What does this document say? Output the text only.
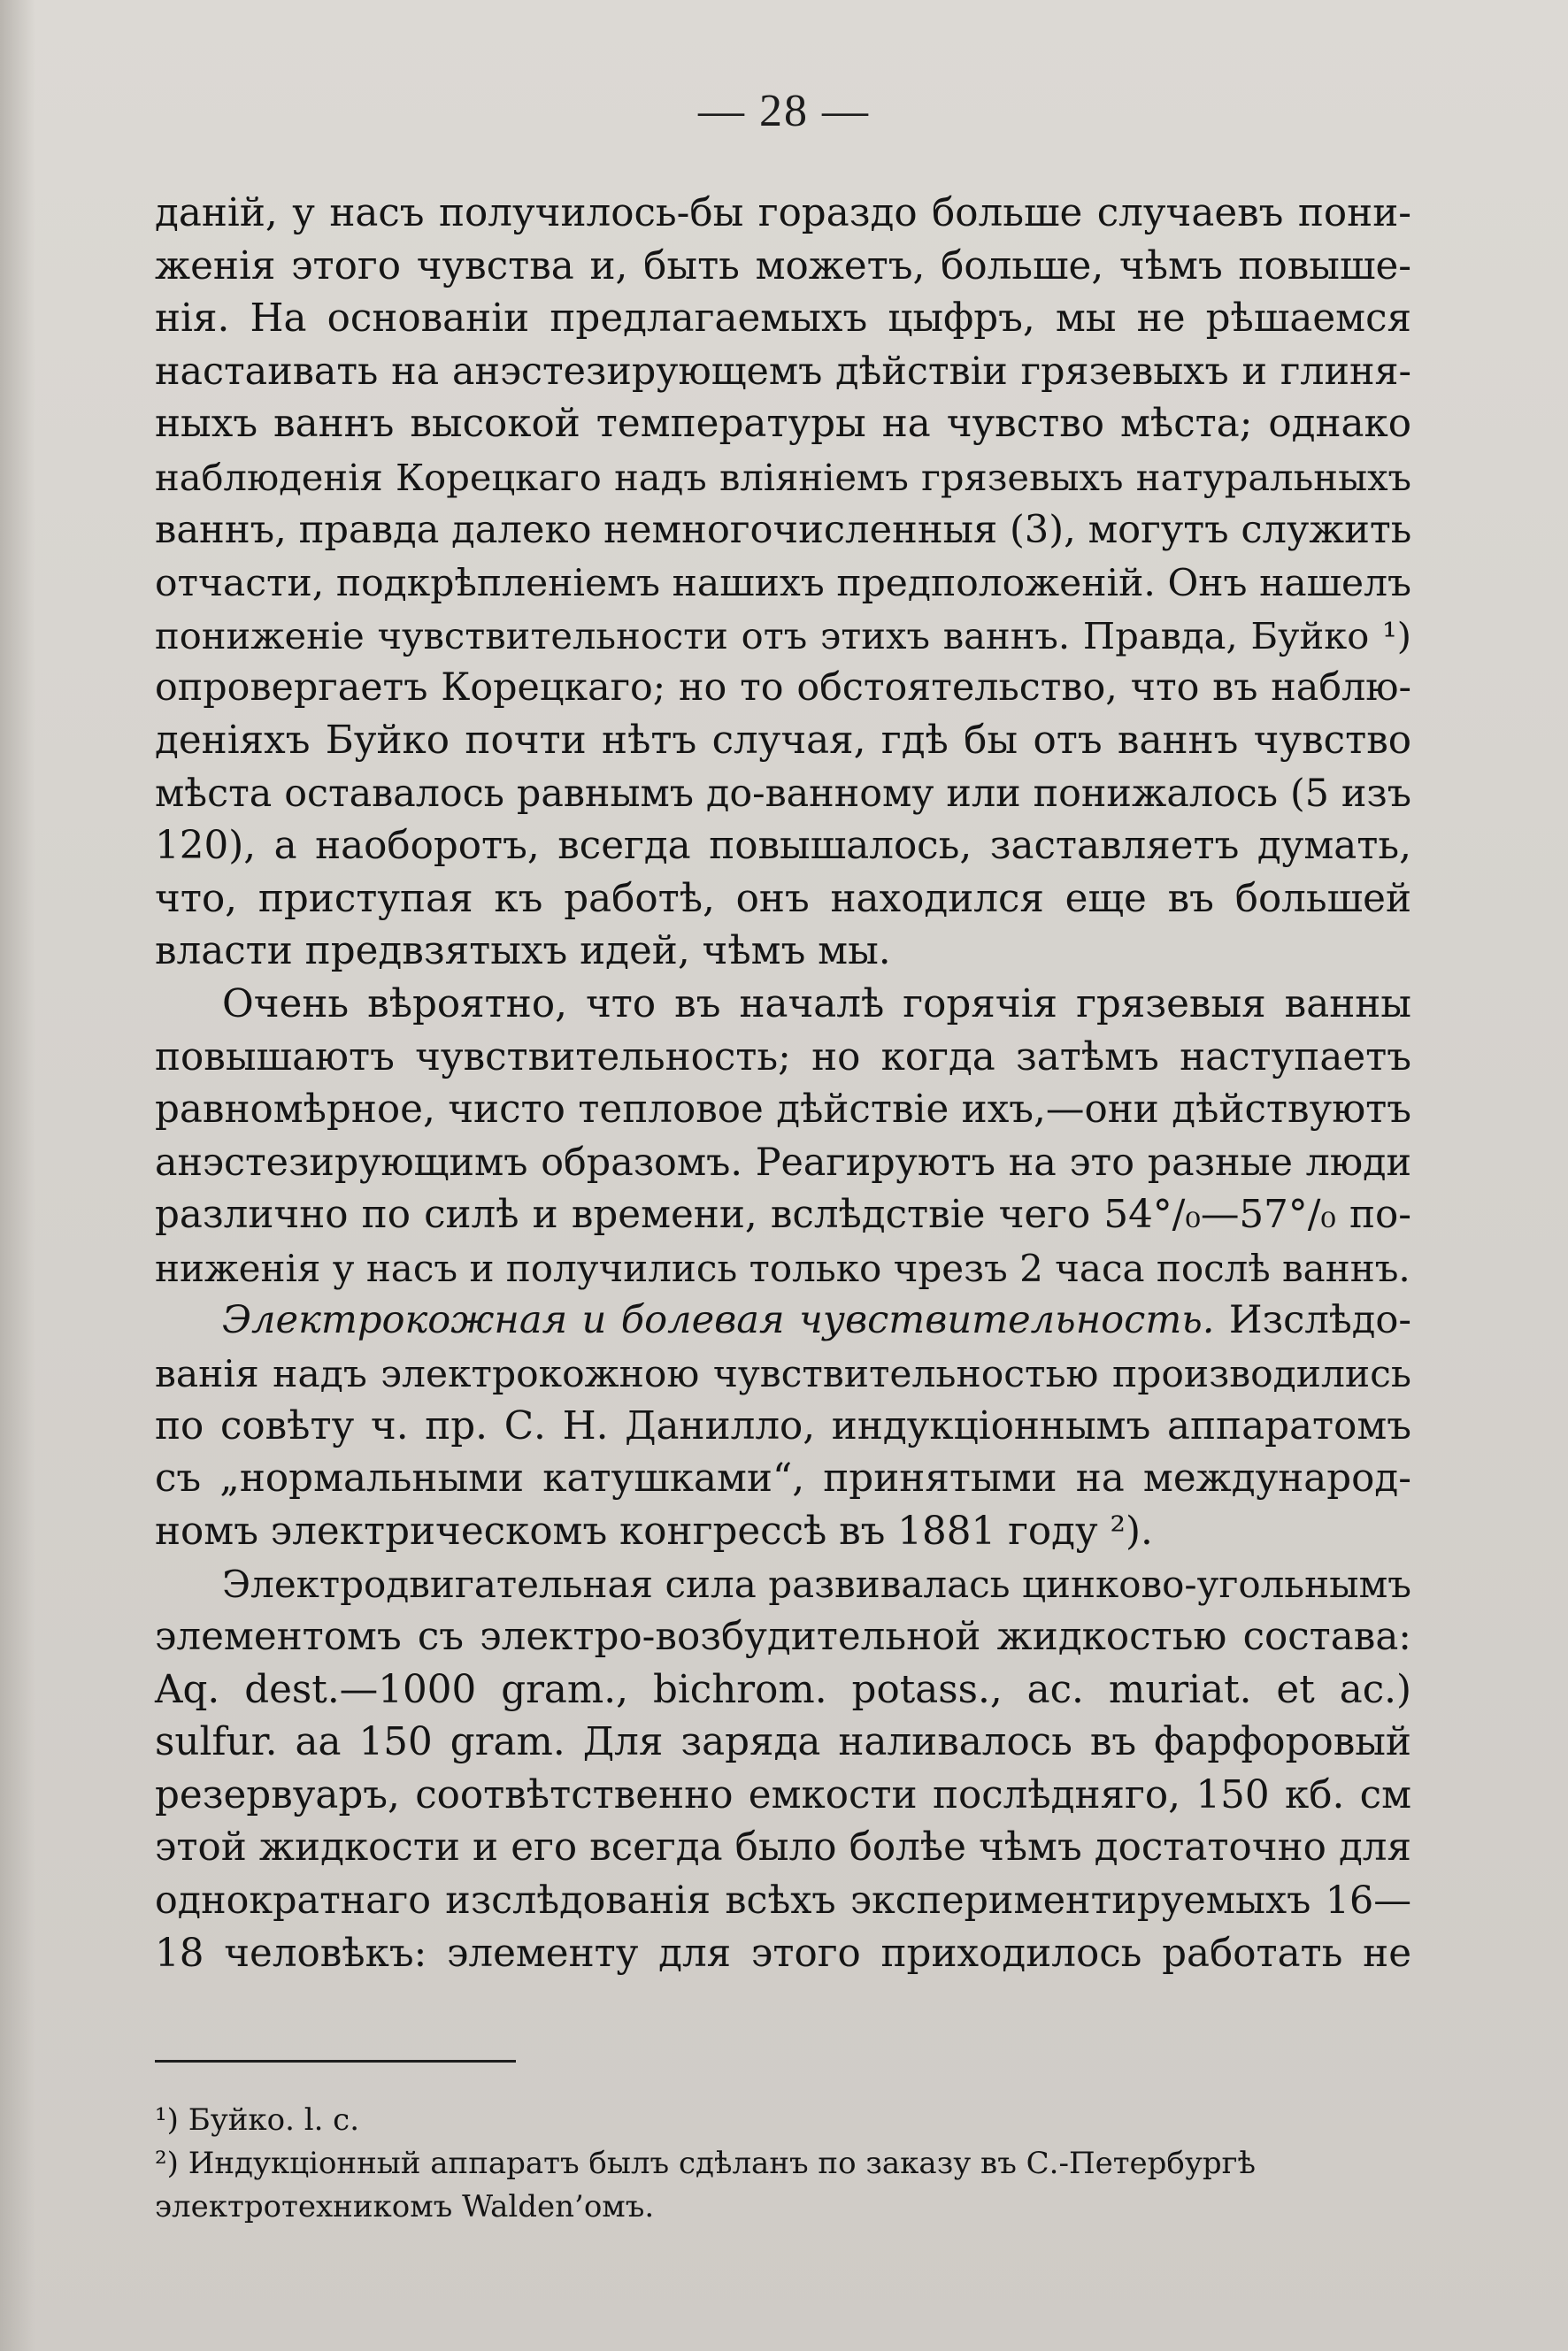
— 28 —
данiй, у насъ получилось-бы гораздо больше случаевъ пони-
женiя этого чувства и, быть можетъ, больше, чѣмъ повыше-
нiя. На основанiи предлагаемыхъ цыфръ, мы не рѣшаемся
настаивать на анэстезирующемъ дѣйствiи грязевыхъ и глиня-
ныхъ ваннъ высокой температуры на чувство мѣста; однако
наблюденiя Корецкаго надъ влiянiемъ грязевыхъ натуральныхъ
ваннъ, правда далеко немногочисленныя (3), могутъ служить
отчасти, подкрѣпленiемъ нашихъ предположенiй. Онъ нашелъ
пониженiе чувствительности отъ этихъ ваннъ. Правда, Буйко ¹)
опровергаетъ Корецкаго; но то обстоятельство, что въ наблю-
денiяхъ Буйко почти нѣтъ случая, гдѣ бы отъ ваннъ чувство
мѣста оставалось равнымъ до-ванному или понижалось (5 изъ
120), а наоборотъ, всегда повышалось, заставляетъ думать,
что, приступая къ работѣ, онъ находился еще въ большей
власти предвзятыхъ идей, чѣмъ мы.
Очень вѣроятно, что въ началѣ горячiя грязевыя ванны
повышаютъ чувствительность; но когда затѣмъ наступаетъ
равномѣрное, чисто тепловое дѣйствiе ихъ,—они дѣйствуютъ
анэстезирующимъ образомъ. Реагируютъ на это разные люди
различно по силѣ и времени, вслѣдствiе чего 54°/₀—57°/₀ по-
ниженiя у насъ и получились только чрезъ 2 часа послѣ ваннъ.
Электрокожная и болевая чувствительность. Изслѣдо-
ванiя надъ электрокожною чувствительностью производились
по совѣту ч. пр. С. Н. Данилло, индукцiоннымъ аппаратомъ
съ „нормальными катушками“, принятыми на международ-
номъ электрическомъ конгрессѣ въ 1881 году ²).
Электродвигательная сила развивалась цинково-угольнымъ
элементомъ съ электро-возбудительной жидкостью состава:
Aq. dest.—1000 gram., bichrom. potass., ac. muriat. et ac.)
sulfur. aa 150 gram. Для заряда наливалось въ фарфоровый
резервуаръ, соотвѣтственно емкости послѣдняго, 150 кб. см
этой жидкости и его всегда было болѣе чѣмъ достаточно для
однократнаго изслѣдованiя всѣхъ экспериментируемыхъ 16—
18 человѣкъ: элементу для этого приходилось работать не

¹) Буйко. l. c.

²) Индукцiонный аппаратъ былъ сдѣланъ по заказу въ С.-Петербургѣ

электротехникомъ Walden’омъ.
